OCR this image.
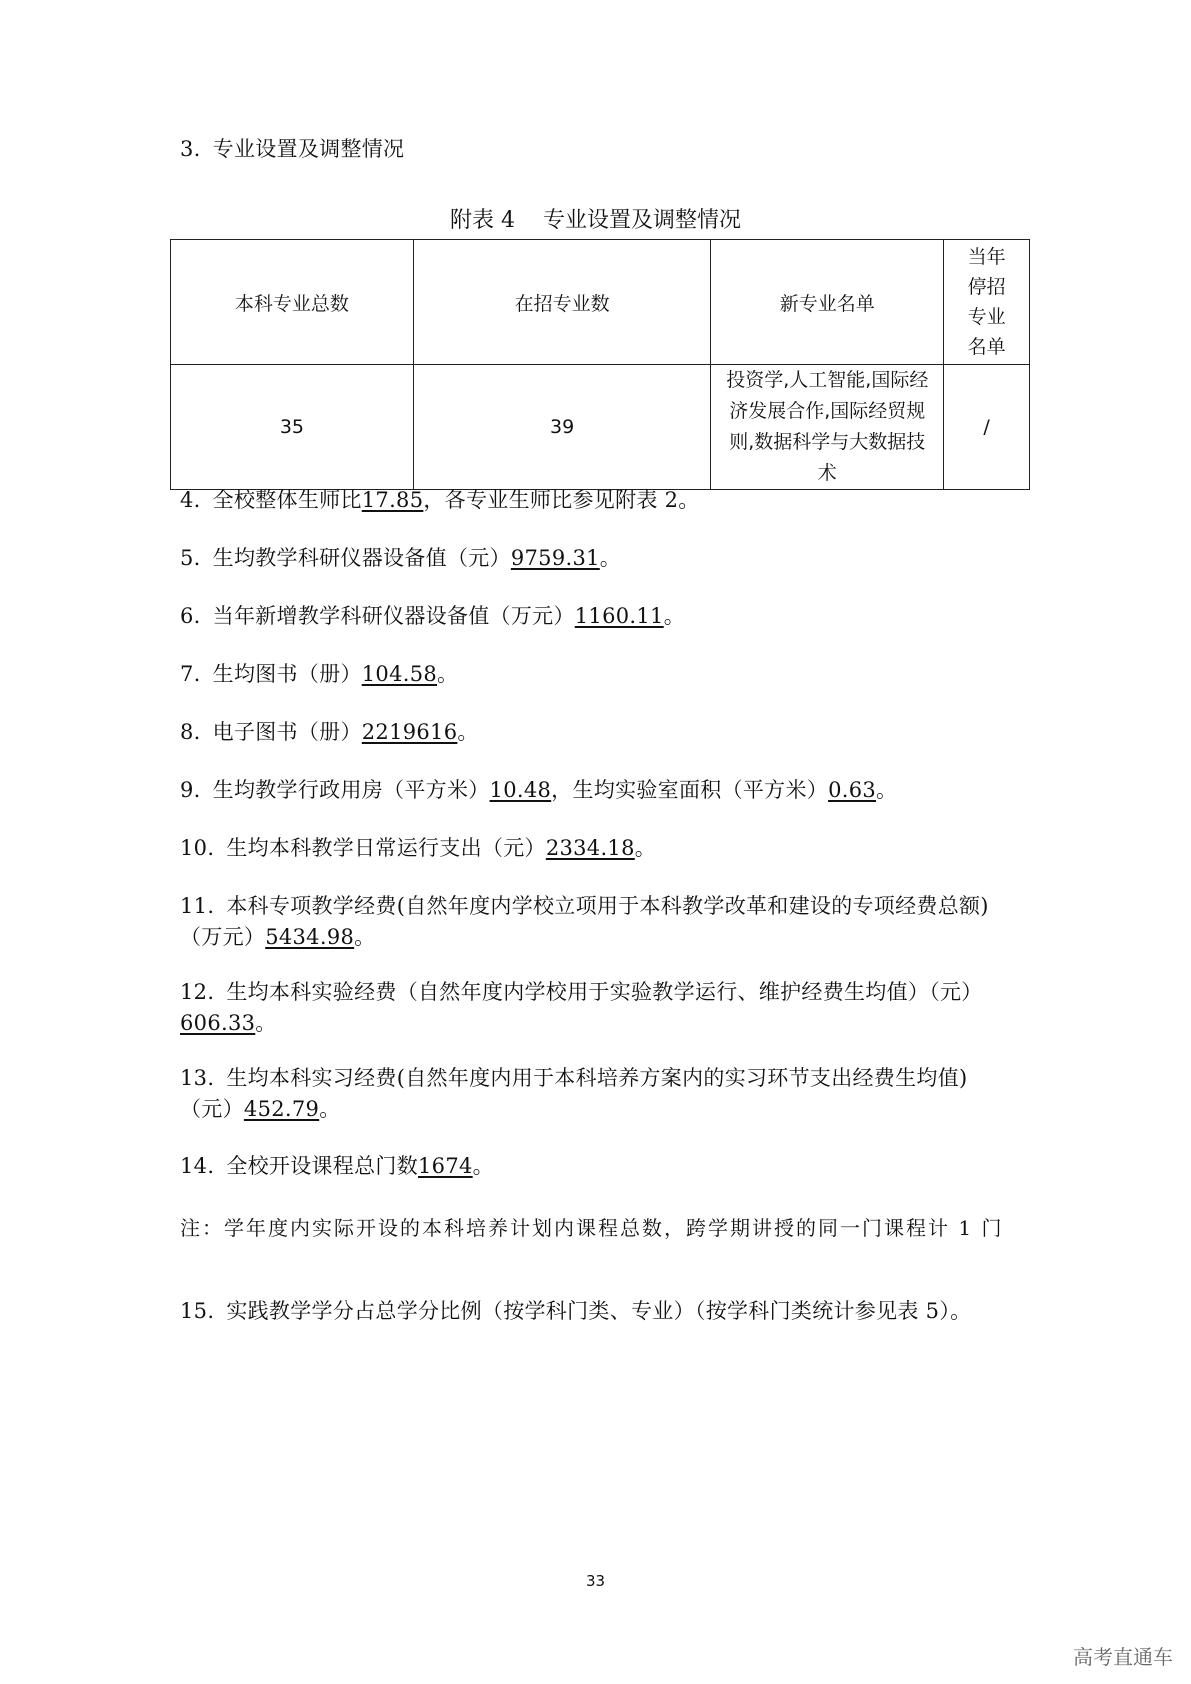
3. 专业设置及调整情况
附表 4 专业设置及调整情况
本科专业总数	在招专业数	新专业名单	当年停招专业名单
35	39	投资学,人工智能,国际经济发展合作,国际经贸规则,数据科学与大数据技术	/
4. 全校整体生师比17.85，各专业生师比参见附表 2。
5. 生均教学科研仪器设备值（元）9759.31。
6. 当年新增教学科研仪器设备值（万元）1160.11。
7. 生均图书（册）104.58。
8. 电子图书（册）2219616。
9. 生均教学行政用房（平方米）10.48，生均实验室面积（平方米）0.63。
10. 生均本科教学日常运行支出（元）2334.18。
11. 本科专项教学经费(自然年度内学校立项用于本科教学改革和建设的专项经费总额)（万元）5434.98。
12. 生均本科实验经费（自然年度内学校用于实验教学运行、维护经费生均值）（元）606.33。
13. 生均本科实习经费(自然年度内用于本科培养方案内的实习环节支出经费生均值)（元）452.79。
14. 全校开设课程总门数1674。
注：学年度内实际开设的本科培养计划内课程总数，跨学期讲授的同一门课程计 1 门
15. 实践教学学分占总学分比例（按学科门类、专业）（按学科门类统计参见表 5）。
33
高考直通车
